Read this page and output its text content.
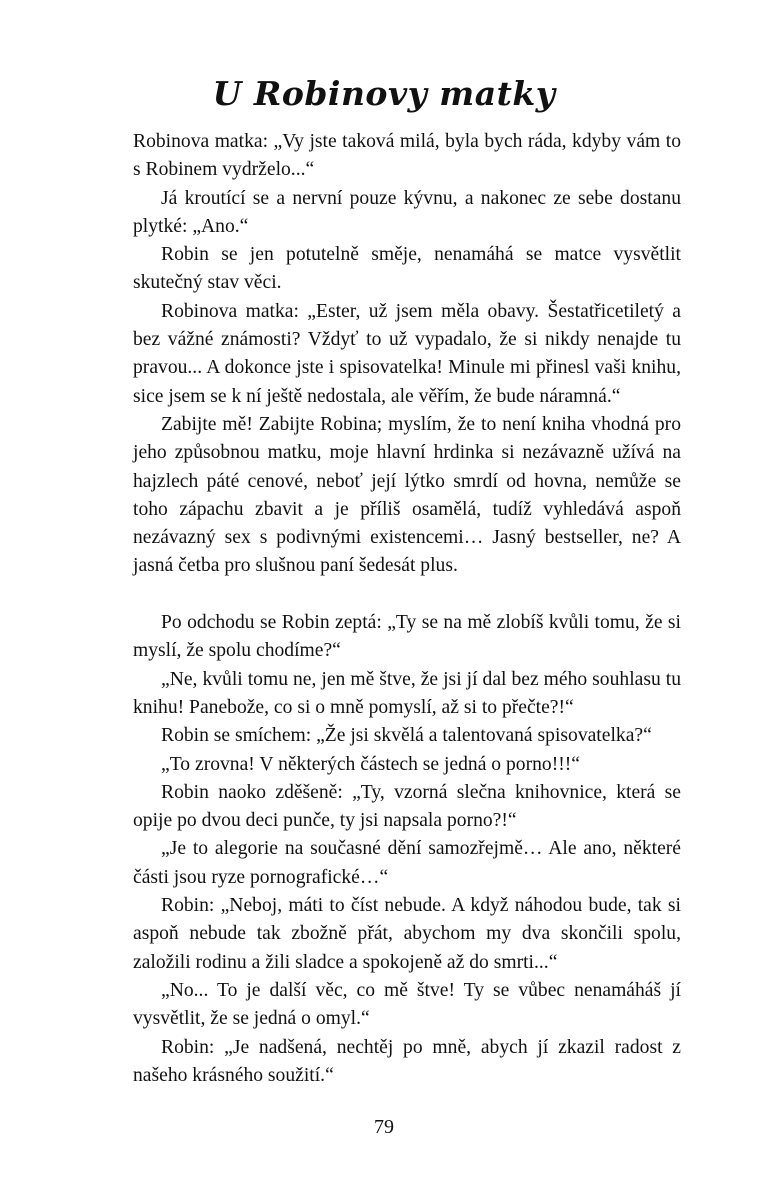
U Robinovy matky

Robinova matka: „Vy jste taková milá, byla bych ráda, kdyby vám to s Robinem vydrželo...“

Já kroutící se a nervní pouze kývnu, a nakonec ze sebe dostanu plytké: „Ano.“

Robin se jen potutelně směje, nenamáhá se matce vysvětlit skutečný stav věci.

Robinova matka: „Ester, už jsem měla obavy. Šestatřicetiletý a bez vážné známosti? Vždyť to už vypadalo, že si nikdy nenajde tu pravou... A dokonce jste i spisovatelka! Minule mi přinesl vaši knihu, sice jsem se k ní ještě nedostala, ale věřím, že bude náramná.“

Zabijte mě! Zabijte Robina; myslím, že to není kniha vhodná pro jeho způsobnou matku, moje hlavní hrdinka si nezávazně užívá na hajzlech páté cenové, neboť její lýtko smrdí od hovna, nemůže se toho zápachu zbavit a je příliš osamělá, tudíž vyhledává aspoň nezávazný sex s podivnými existencemi… Jasný bestseller, ne? A jasná četba pro slušnou paní šedesát plus.

Po odchodu se Robin zeptá: „Ty se na mě zlobíš kvůli tomu, že si myslí, že spolu chodíme?“

„Ne, kvůli tomu ne, jen mě štve, že jsi jí dal bez mého souhlasu tu knihu! Panebože, co si o mně pomyslí, až si to přečte?!“

Robin se smíchem: „Že jsi skvělá a talentovaná spisovatelka?“

„To zrovna! V některých částech se jedná o porno!!!“

Robin naoko zděšeně: „Ty, vzorná slečna knihovnice, která se opije po dvou deci punče, ty jsi napsala porno?!“

„Je to alegorie na současné dění samozřejmě… Ale ano, některé části jsou ryze pornografické…“

Robin: „Neboj, máti to číst nebude. A když náhodou bude, tak si aspoň nebude tak zbožně přát, abychom my dva skončili spolu, založili rodinu a žili sladce a spokojeně až do smrti...“

„No... To je další věc, co mě štve! Ty se vůbec nenamáháš jí vysvětlit, že se jedná o omyl.“

Robin: „Je nadšená, nechtěj po mně, abych jí zkazil radost z našeho krásného soužití.“

79
